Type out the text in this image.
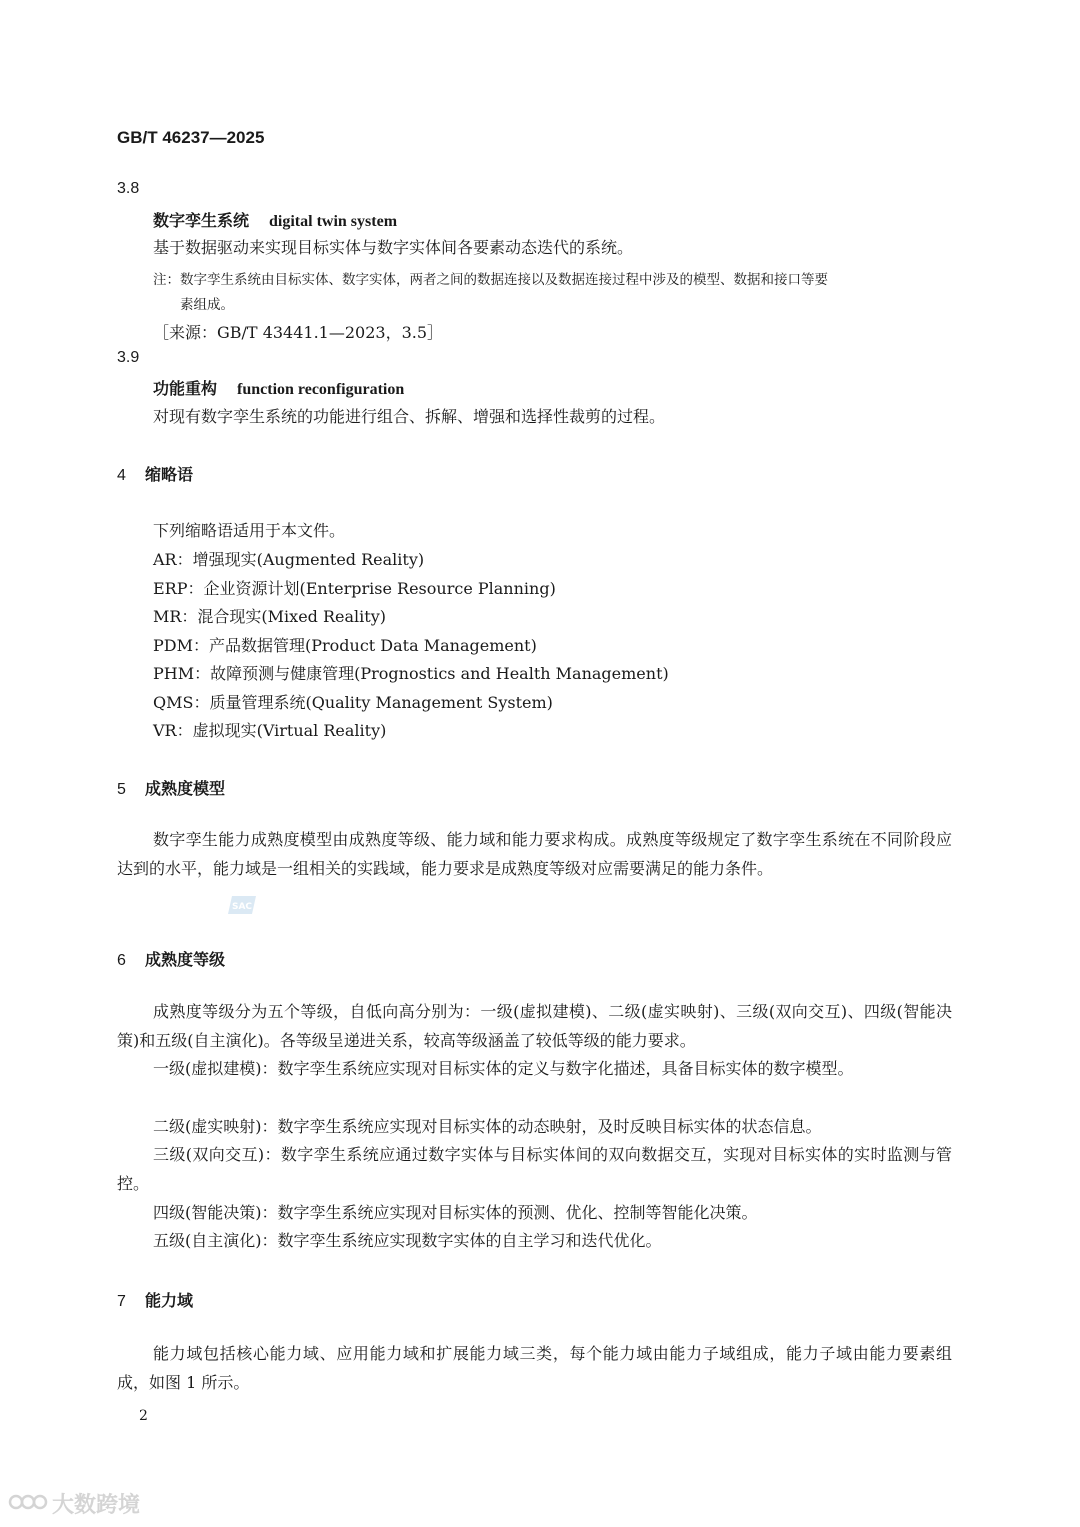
GB/T 46237—2025
3.8
数字孪生系统 digital twin system
基于数据驱动来实现目标实体与数字实体间各要素动态迭代的系统。
注：数字孪生系统由目标实体、数字实体，两者之间的数据连接以及数据连接过程中涉及的模型、数据和接口等要
素组成。
［来源：GB/T 43441.1—2023，3.5］
3.9
功能重构 function reconfiguration
对现有数字孪生系统的功能进行组合、拆解、增强和选择性裁剪的过程。
4 缩略语
下列缩略语适用于本文件。
AR：增强现实(Augmented Reality)
ERP：企业资源计划(Enterprise Resource Planning)
MR：混合现实(Mixed Reality)
PDM：产品数据管理(Product Data Management)
PHM：故障预测与健康管理(Prognostics and Health Management)
QMS：质量管理系统(Quality Management System)
VR：虚拟现实(Virtual Reality)
5 成熟度模型
数字孪生能力成熟度模型由成熟度等级、能力域和能力要求构成。成熟度等级规定了数字孪生系统在不同阶段应达到的水平，能力域是一组相关的实践域，能力要求是成熟度等级对应需要满足的能力条件。
SAC
6 成熟度等级
成熟度等级分为五个等级，自低向高分别为：一级(虚拟建模)、二级(虚实映射)、三级(双向交互)、四级(智能决策)和五级(自主演化)。各等级呈递进关系，较高等级涵盖了较低等级的能力要求。
一级(虚拟建模)：数字孪生系统应实现对目标实体的定义与数字化描述，具备目标实体的数字模型。
二级(虚实映射)：数字孪生系统应实现对目标实体的动态映射，及时反映目标实体的状态信息。
三级(双向交互)：数字孪生系统应通过数字实体与目标实体间的双向数据交互，实现对目标实体的实时监测与管控。
四级(智能决策)：数字孪生系统应实现对目标实体的预测、优化、控制等智能化决策。
五级(自主演化)：数字孪生系统应实现数字实体的自主学习和迭代优化。
7 能力域
能力域包括核心能力域、应用能力域和扩展能力域三类，每个能力域由能力子域组成，能力子域由能力要素组成，如图 1 所示。
2
大数跨境
